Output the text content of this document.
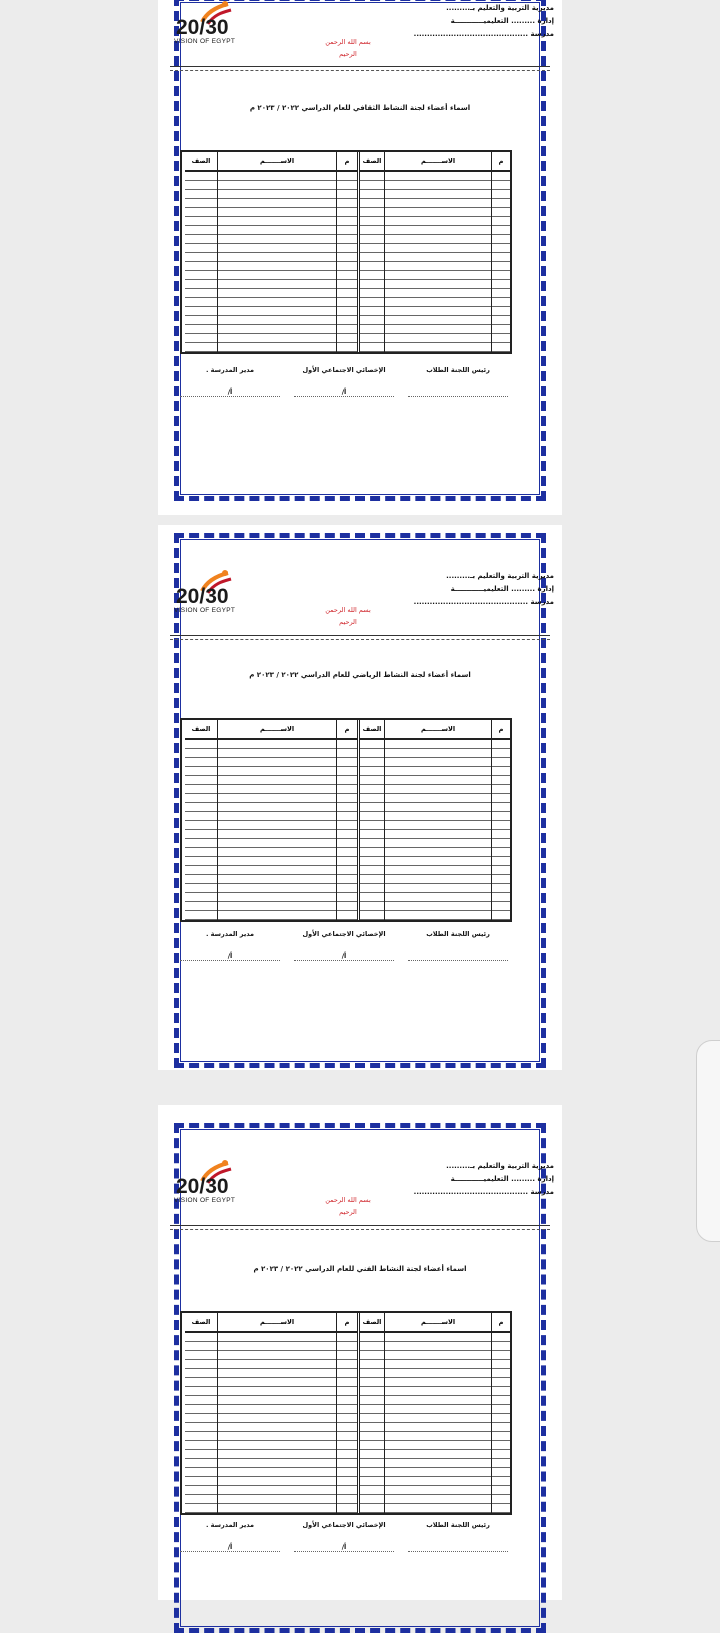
مديرية التربية والتعليم بـ.........
إدارة ......... التعليميــــــــــــة
مدرسة ...........................................
بسم الله الرحمن
الرحيم
20/30
VISION OF EGYPT
اسماء أعضاء لجنة النشاط الثقافي للعام الدراسي ٢٠٢٢ / ٢٠٢٣ م
م
الاســـــــم
الصف
م
الاســـــــم
الصف
رئيس اللجنة الطلاب
الإخصائي الاجتماعي الأول
أ/
مدير المدرسة .
أ/
مديرية التربية والتعليم بـ.........
إدارة ......... التعليميــــــــــــة
مدرسة ...........................................
بسم الله الرحمن
الرحيم
20/30
VISION OF EGYPT
اسماء أعضاء لجنة النشاط الرياضي للعام الدراسي ٢٠٢٢ / ٢٠٢٣ م
م
الاســـــــم
الصف
م
الاســـــــم
الصف
رئيس اللجنة الطلاب
الإخصائي الاجتماعي الأول
أ/
مدير المدرسة .
أ/
مديرية التربية والتعليم بـ.........
إدارة ......... التعليميــــــــــــة
مدرسة ...........................................
بسم الله الرحمن
الرحيم
20/30
VISION OF EGYPT
اسماء أعضاء لجنة النشاط الفني للعام الدراسي ٢٠٢٢ / ٢٠٢٣ م
م
الاســـــــم
الصف
م
الاســـــــم
الصف
رئيس اللجنة الطلاب
الإخصائي الاجتماعي الأول
أ/
مدير المدرسة .
أ/
